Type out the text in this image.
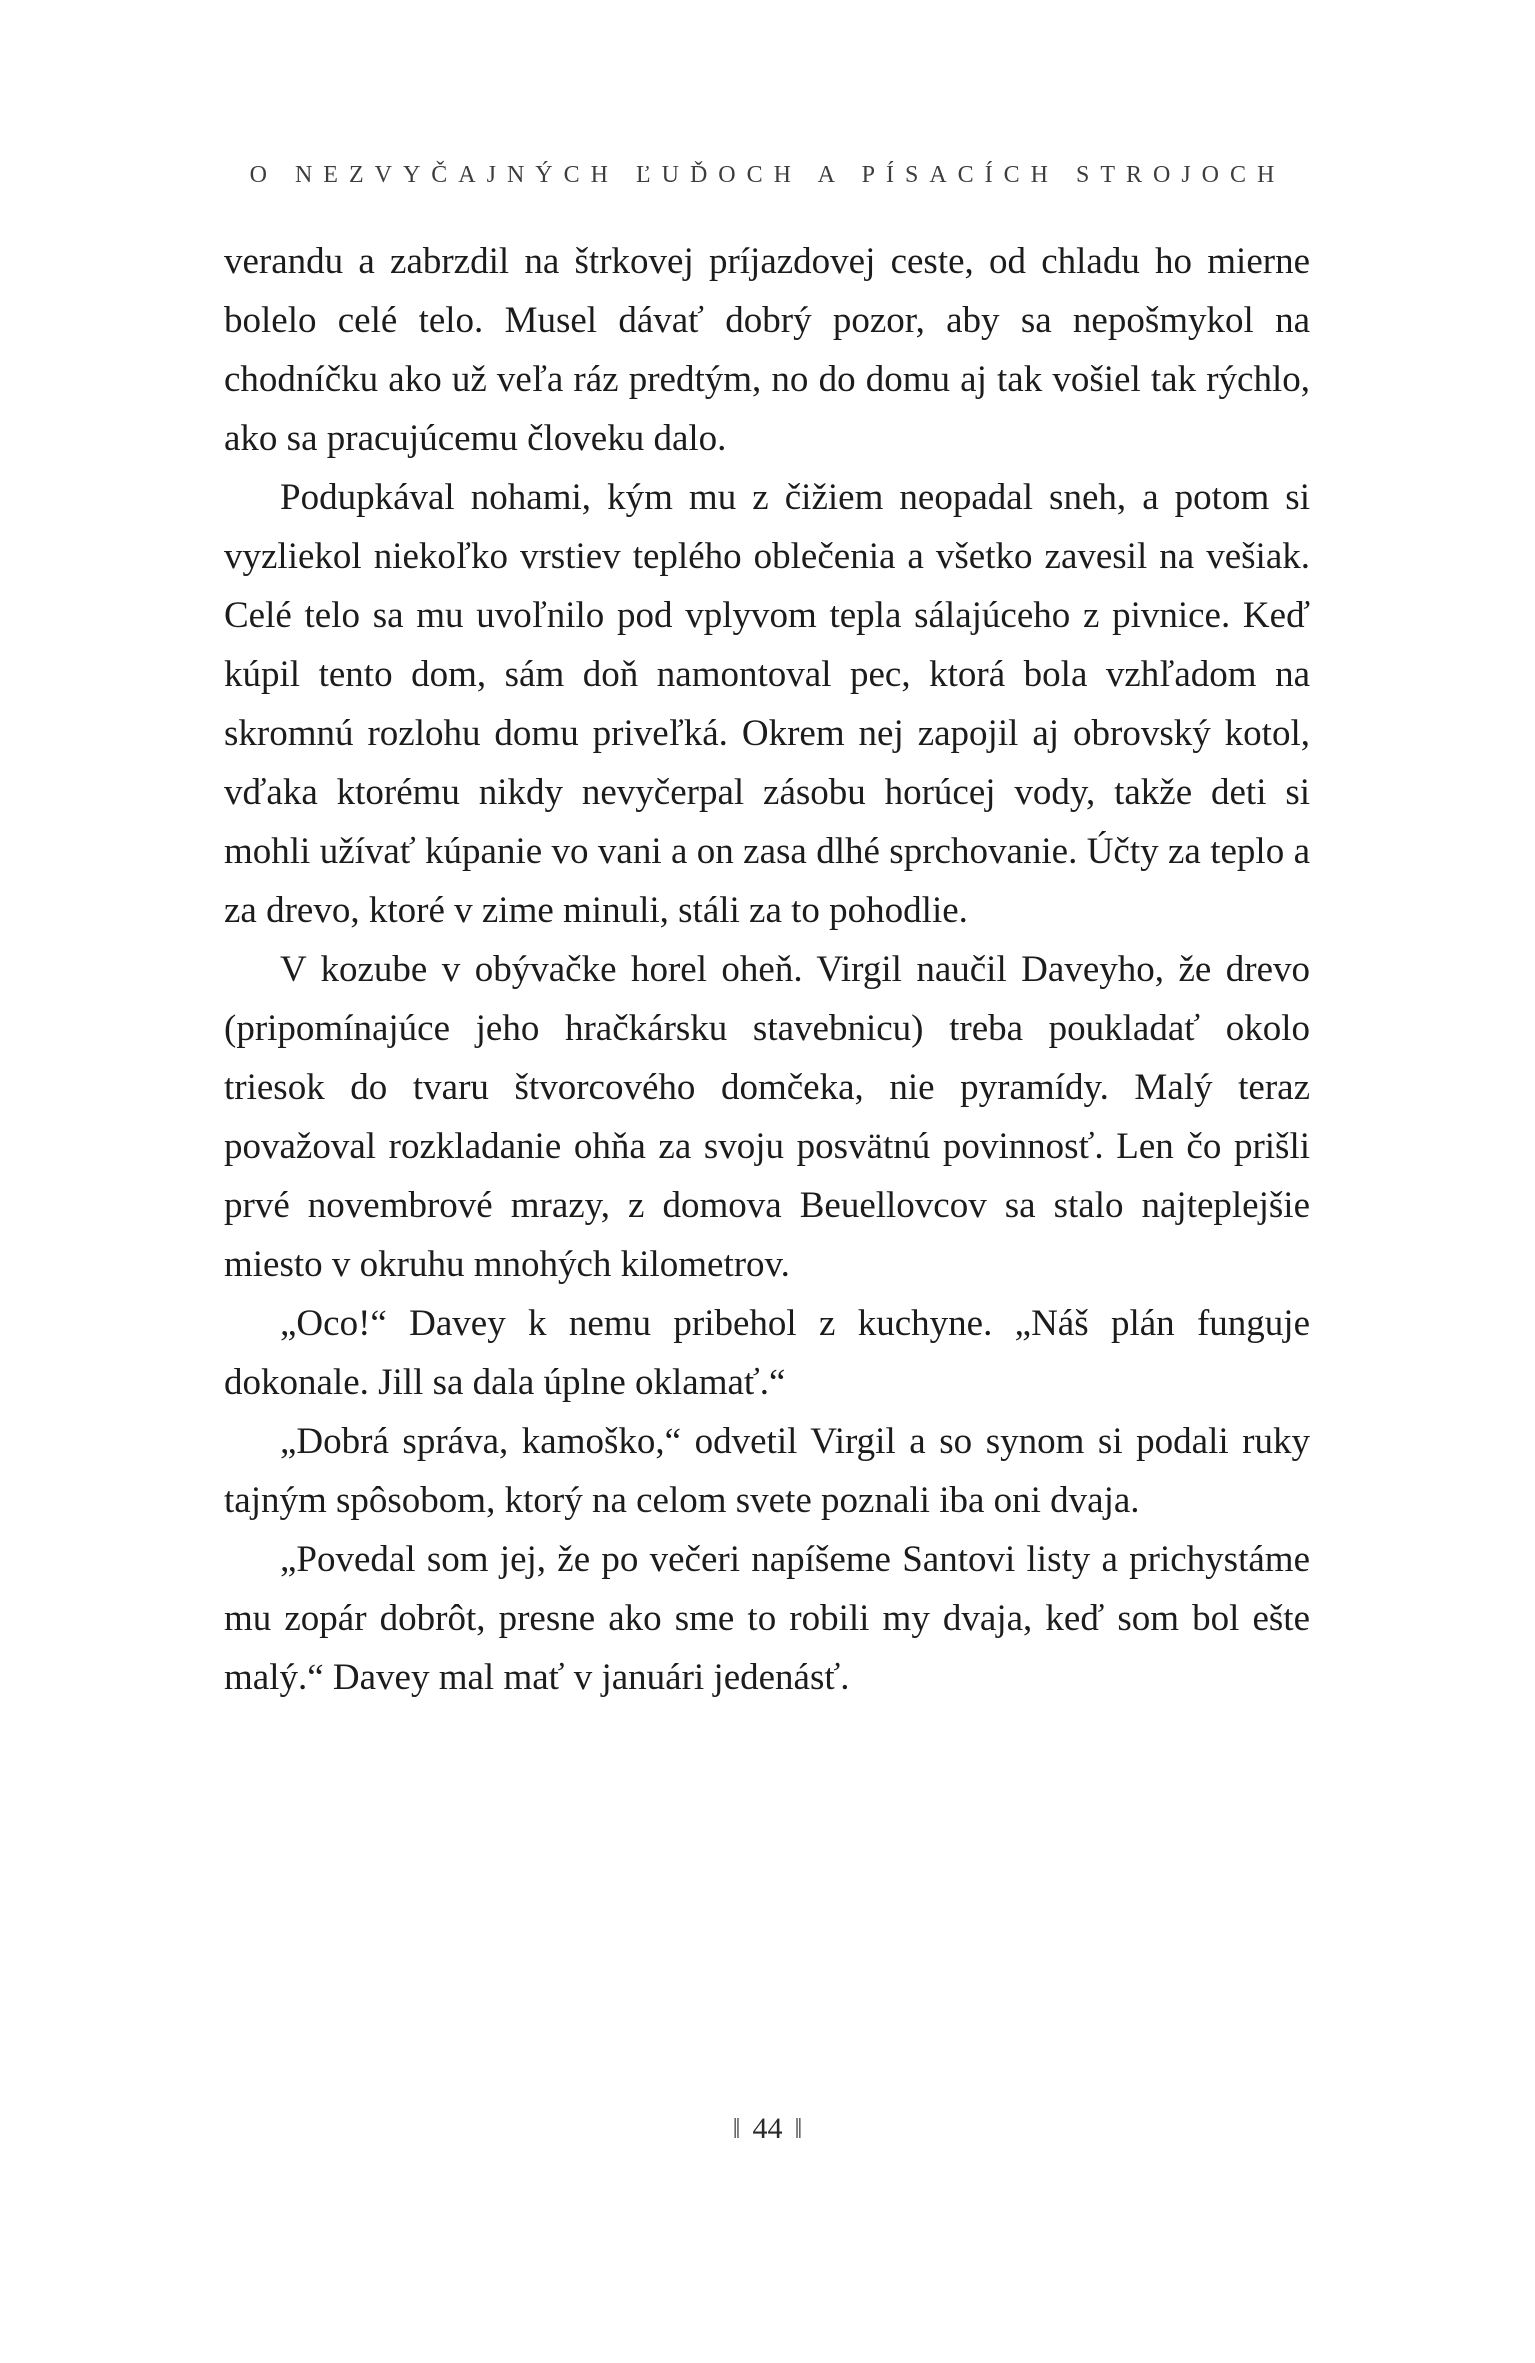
O NEZVYČAJNÝCH ĽUĎOCH A PÍSACÍCH STROJOCH

verandu a zabrzdil na štrkovej príjazdovej ceste, od chladu ho mierne bolelo celé telo. Musel dávať dobrý pozor, aby sa nepošmykol na chodníčku ako už veľa ráz predtým, no do domu aj tak vošiel tak rýchlo, ako sa pracujúcemu človeku dalo.

Podupkával nohami, kým mu z čižiem neopadal sneh, a potom si vyzliekol niekoľko vrstiev teplého oblečenia a všetko zavesil na vešiak. Celé telo sa mu uvoľnilo pod vplyvom tepla sálajúceho z pivnice. Keď kúpil tento dom, sám doň namontoval pec, ktorá bola vzhľadom na skromnú rozlohu domu priveľká. Okrem nej zapojil aj obrovský kotol, vďaka ktorému nikdy nevyčerpal zásobu horúcej vody, takže deti si mohli užívať kúpanie vo vani a on zasa dlhé sprchovanie. Účty za teplo a za drevo, ktoré v zime minuli, stáli za to pohodlie.

V kozube v obývačke horel oheň. Virgil naučil Daveyho, že drevo (pripomínajúce jeho hračkársku stavebnicu) treba poukladať okolo triesok do tvaru štvorcového domčeka, nie pyramídy. Malý teraz považoval rozkladanie ohňa za svoju posvätnú povinnosť. Len čo prišli prvé novembrové mrazy, z domova Beuellovcov sa stalo najteplejšie miesto v okruhu mnohých kilometrov.

„Oco!“ Davey k nemu pribehol z kuchyne. „Náš plán funguje dokonale. Jill sa dala úplne oklamať.“

„Dobrá správa, kamoško,“ odvetil Virgil a so synom si podali ruky tajným spôsobom, ktorý na celom svete poznali iba oni dvaja.

„Povedal som jej, že po večeri napíšeme Santovi listy a prichystáme mu zopár dobrôt, presne ako sme to robili my dvaja, keď som bol ešte malý.“ Davey mal mať v januári jedenásť.

‖ 44 ‖
